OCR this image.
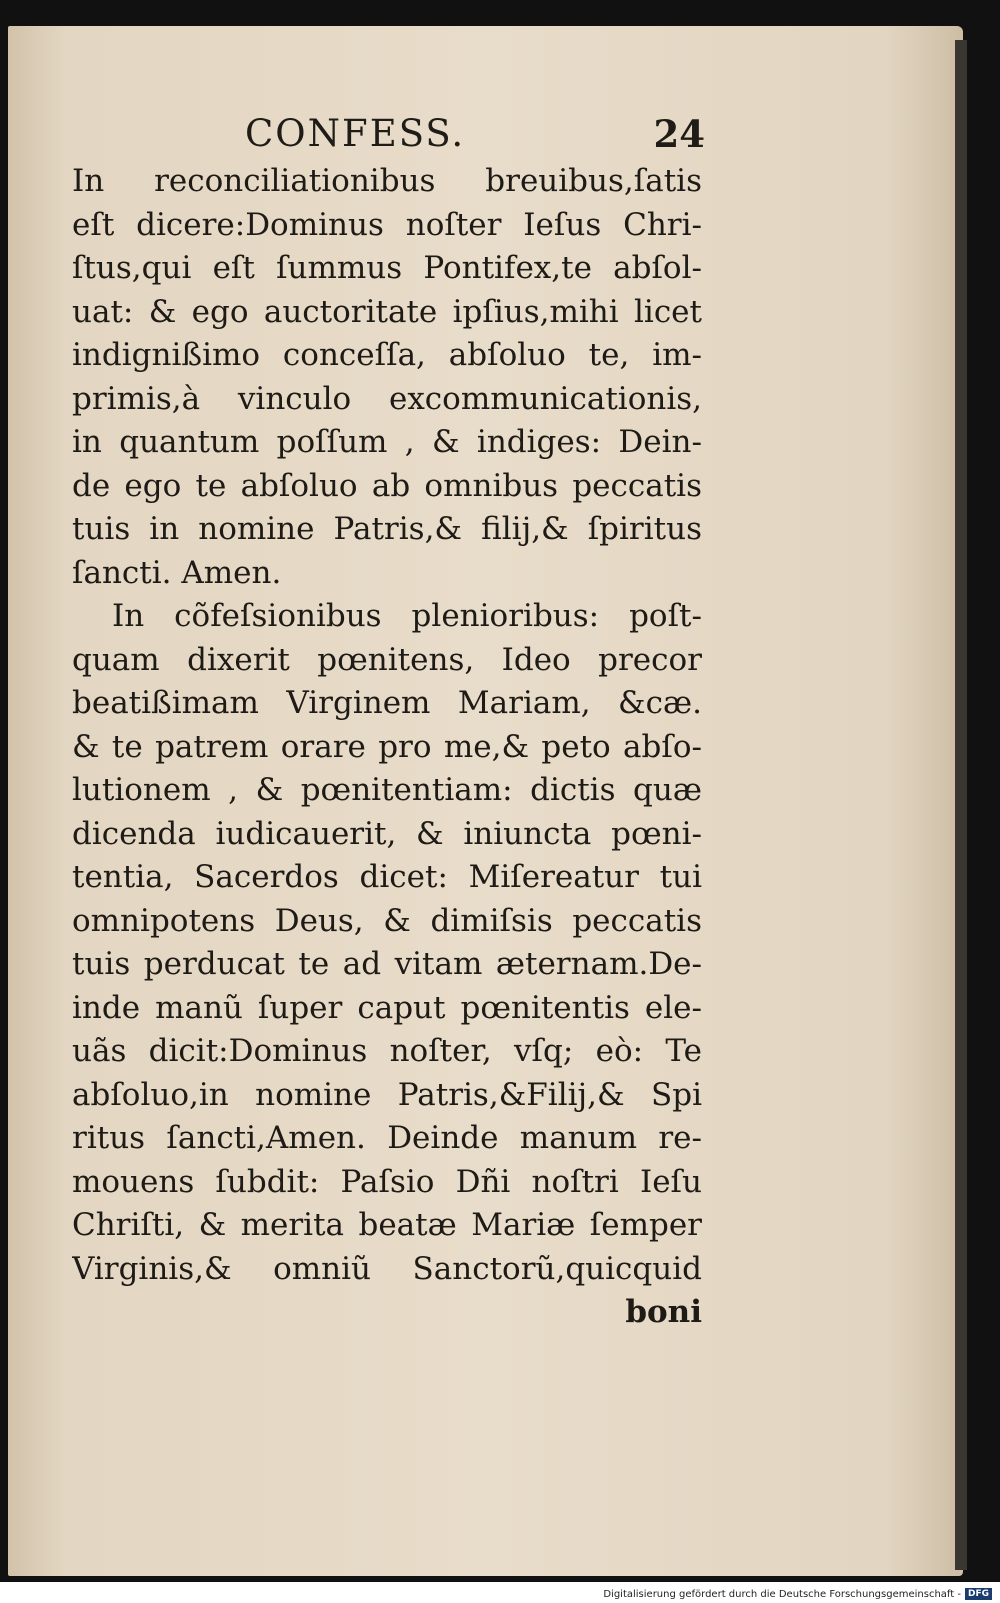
CONFESS.	24
In reconciliationibus breuibus,ſatis
eſt dicere:Dominus noſter Ieſus Chri-
ſtus,qui eſt ſummus Pontifex,te abſol-
uat: & ego auctoritate ipſius,mihi licet
indignißimo conceſſa, abſoluo te, im-
primis,à vinculo excommunicationis,
in quantum poſſum , & indiges: Dein-
de ego te abſoluo ab omnibus peccatis
tuis in nomine Patris,& filij,& ſpiritus
ſancti. Amen.
In cõfeſsionibus plenioribus: poſt-
quam dixerit pœnitens, Ideo precor
beatißimam Virginem Mariam, &cæ.
& te patrem orare pro me,& peto abſo-
lutionem , & pœnitentiam: dictis quæ
dicenda iudicauerit, & iniuncta pœni-
tentia, Sacerdos dicet: Miſereatur tui
omnipotens Deus, & dimiſsis peccatis
tuis perducat te ad vitam æternam.De-
inde manũ ſuper caput pœnitentis ele-
uãs dicit:Dominus noſter, vſq; eò: Te
abſoluo,in nomine Patris,&Filij,& Spi
ritus ſancti,Amen. Deinde manum re-
mouens ſubdit: Paſsio Dñi noſtri Ieſu
Chriſti, & merita beatæ Mariæ ſemper
Virginis,& omniũ Sanctorũ,quicquid
boni
Digitalisierung gefördert durch die Deutsche Forschungsgemeinschaft - DFG
